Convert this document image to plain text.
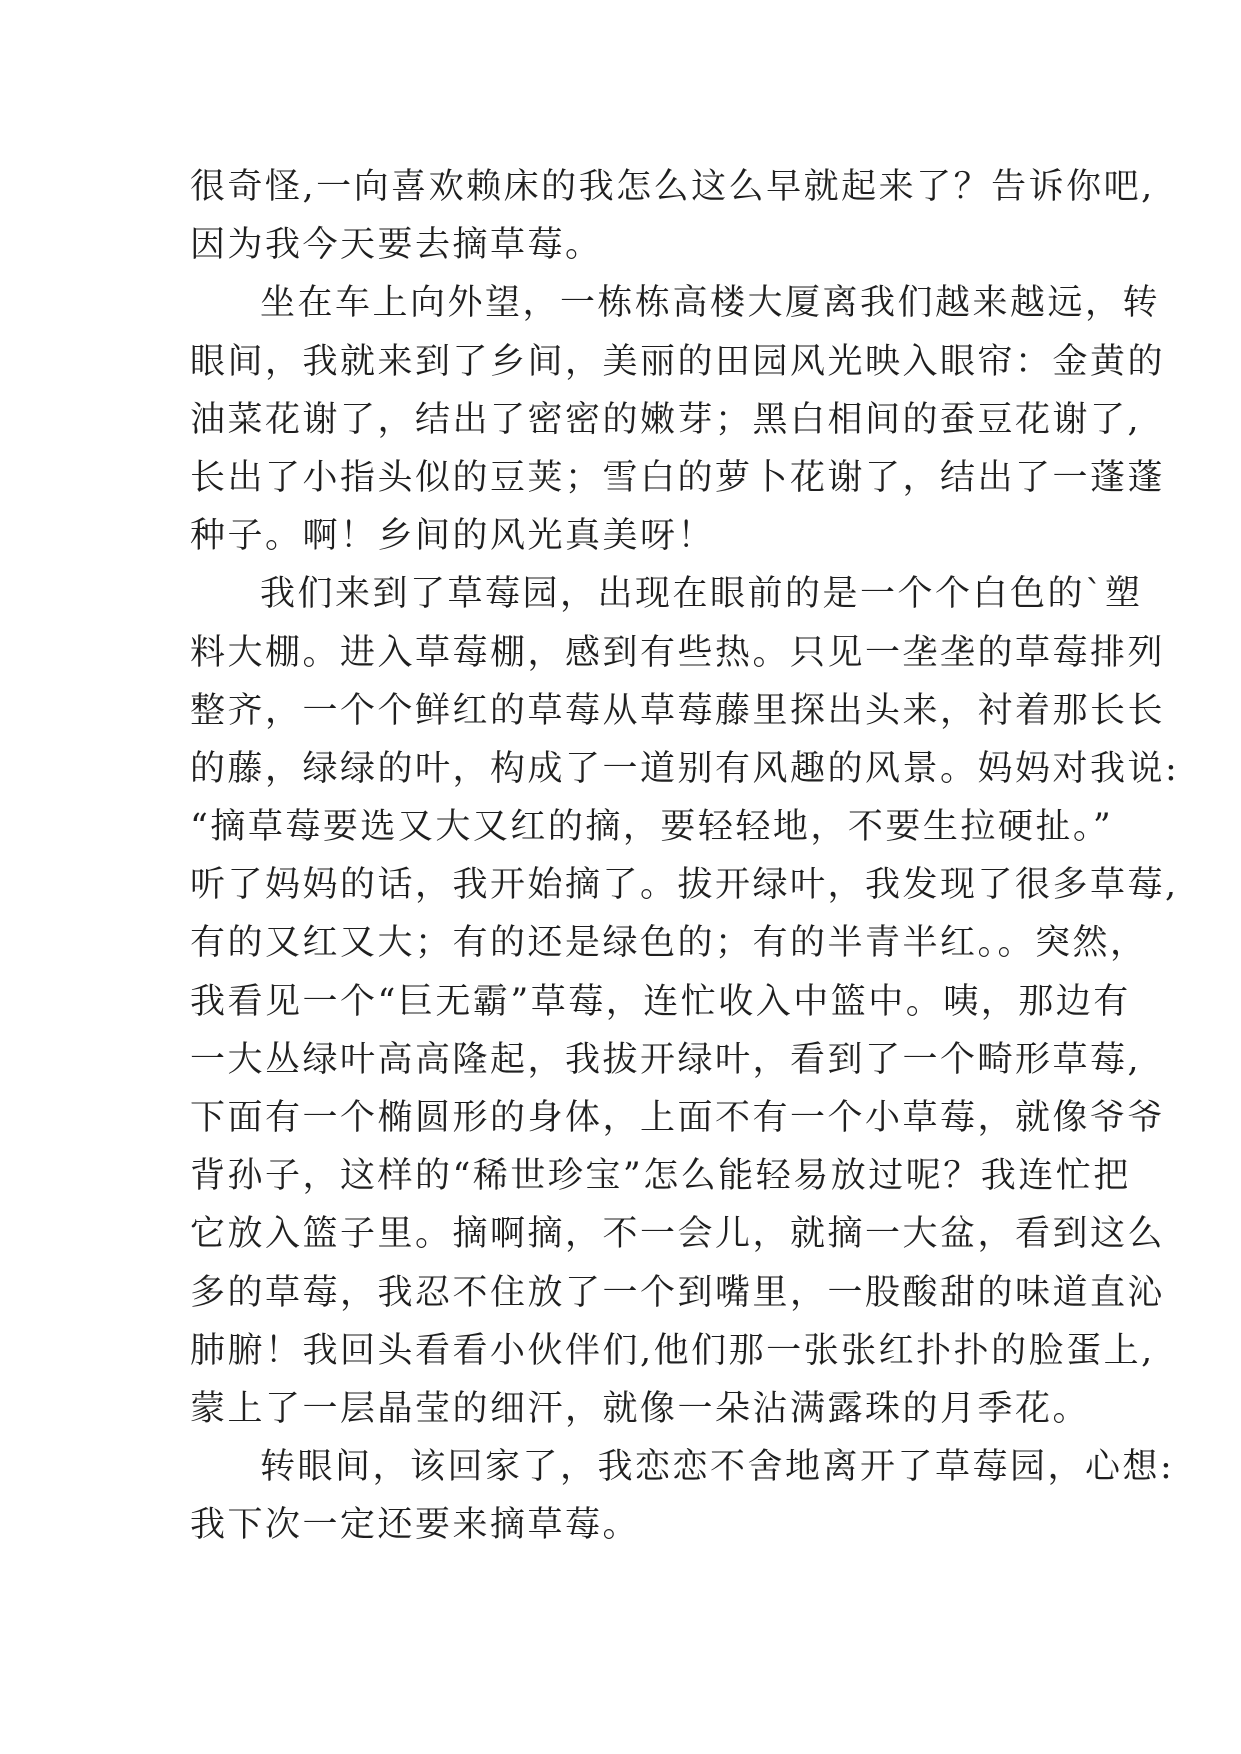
很奇怪,一向喜欢赖床的我怎么这么早就起来了？告诉你吧,
因为我今天要去摘草莓。
坐在车上向外望，一栋栋高楼大厦离我们越来越远，转
眼间，我就来到了乡间，美丽的田园风光映入眼帘：金黄的
油菜花谢了，结出了密密的嫩芽；黑白相间的蚕豆花谢了,
长出了小指头似的豆荚；雪白的萝卜花谢了，结出了一蓬蓬
种子。啊！乡间的风光真美呀！
我们来到了草莓园，出现在眼前的是一个个白色的`塑
料大棚。进入草莓棚，感到有些热。只见一垄垄的草莓排列
整齐，一个个鲜红的草莓从草莓藤里探出头来，衬着那长长
的藤，绿绿的叶，构成了一道别有风趣的风景。妈妈对我说:
“摘草莓要选又大又红的摘，要轻轻地，不要生拉硬扯。”
听了妈妈的话，我开始摘了。拔开绿叶，我发现了很多草莓,
有的又红又大；有的还是绿色的；有的半青半红。。突然，
我看见一个“巨无霸”草莓，连忙收入中篮中。咦，那边有
一大丛绿叶高高隆起，我拔开绿叶，看到了一个畸形草莓,
下面有一个椭圆形的身体，上面不有一个小草莓，就像爷爷
背孙子，这样的“稀世珍宝”怎么能轻易放过呢？我连忙把
它放入篮子里。摘啊摘，不一会儿，就摘一大盆，看到这么
多的草莓，我忍不住放了一个到嘴里，一股酸甜的味道直沁
肺腑！我回头看看小伙伴们,他们那一张张红扑扑的脸蛋上,
蒙上了一层晶莹的细汗，就像一朵沾满露珠的月季花。
转眼间，该回家了，我恋恋不舍地离开了草莓园，心想:
我下次一定还要来摘草莓。
